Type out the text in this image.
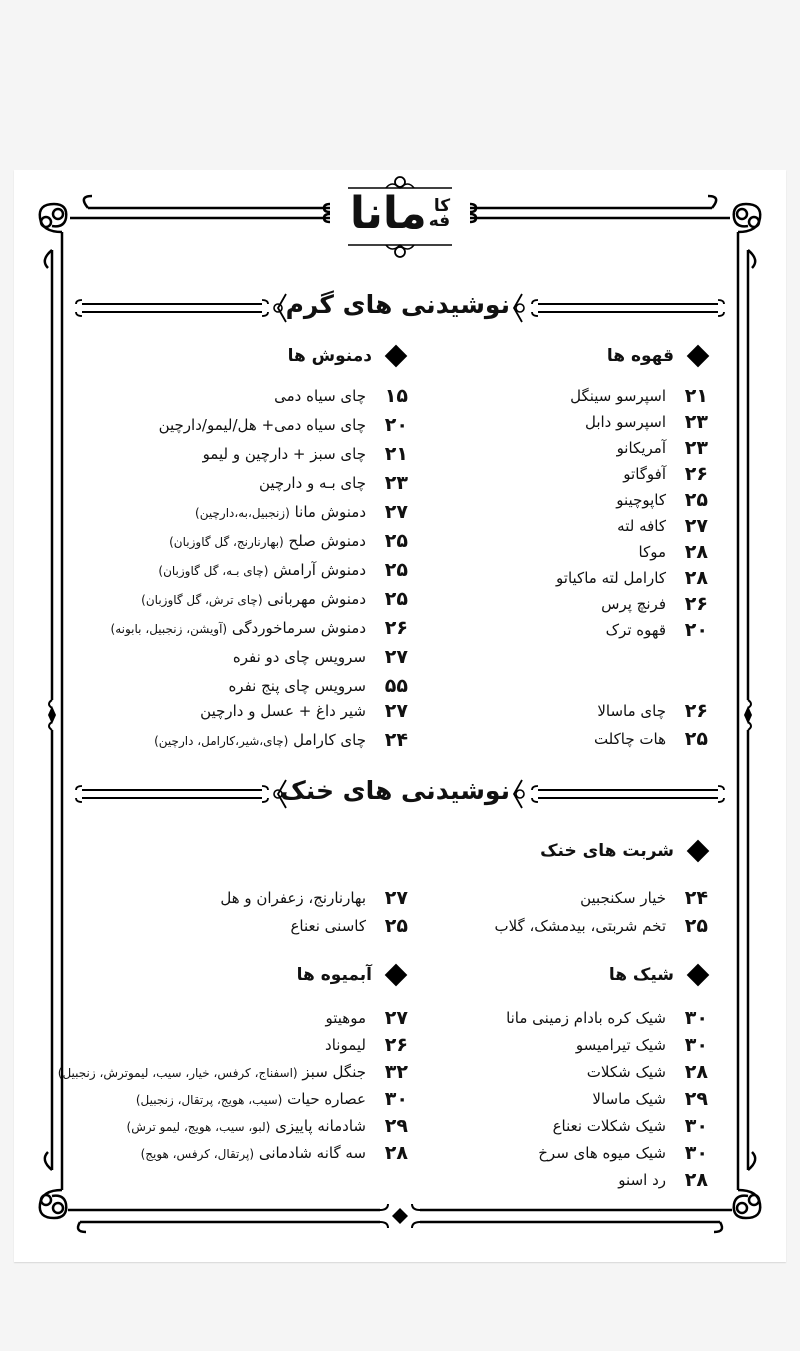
کا
فه
مانا
نوشیدنی های گرم
قهوه ها
۲۱
اسپرسو سینگل
۲۳
اسپرسو دابل
۲۳
آمریکانو
۲۶
آفوگاتو
۲۵
کاپوچینو
۲۷
کافه لته
۲۸
موکا
۲۸
کارامل لته ماکیاتو
۲۶
فرنچ پرس
۲۰
قهوه ترک
۲۶
چای ماسالا
۲۵
هات چاکلت
دمنوش ها
۱۵
چای سیاه دمی
۲۰
چای سیاه دمی+ هل/لیمو/دارچین
۲۱
چای سبز + دارچین و لیمو
۲۳
چای بـه و دارچین
۲۷
دمنوش مانا (زنجبیل،به،دارچین)
۲۵
دمنوش صلح (بهارنارنج، گل گاوزبان)
۲۵
دمنوش آرامش (چای بـه، گل گاوزبان)
۲۵
دمنوش مهربانی (چای ترش، گل گاوزبان)
۲۶
دمنوش سرماخوردگی (آویشن، زنجبیل، بابونه)
۲۷
سرویس چای دو نفره
۵۵
سرویس چای پنج نفره
۲۷
شیر داغ + عسل و دارچین
۲۴
چای کارامل (چای،شیر،کارامل، دارچین)
نوشیدنی های خنک
شربت های خنک
۲۴
خیار سکنجبین
۲۵
تخم شربتی، بیدمشک، گلاب
۲۷
بهارنارنج، زعفران و هل
۲۵
کاسنی نعناع
شیک ها
۳۰
شیک کره بادام زمینی مانا
۳۰
شیک تیرامیسو
۲۸
شیک شکلات
۲۹
شیک ماسالا
۳۰
شیک شکلات نعناع
۳۰
شیک میوه های سرخ
۲۸
رد اسنو
آبمیوه ها
۲۷
موهیتو
۲۶
لیموناد
۳۲
جنگل سبز (اسفناج، کرفس، خیار، سیب، لیموترش، زنجبیل)
۳۰
عصاره حیات (سیب، هویج، پرتقال، زنجبیل)
۲۹
شادمانه پاییزی (لبو، سیب، هویج، لیمو ترش)
۲۸
سه گانه شادمانی (پرتقال، کرفس، هویج)
